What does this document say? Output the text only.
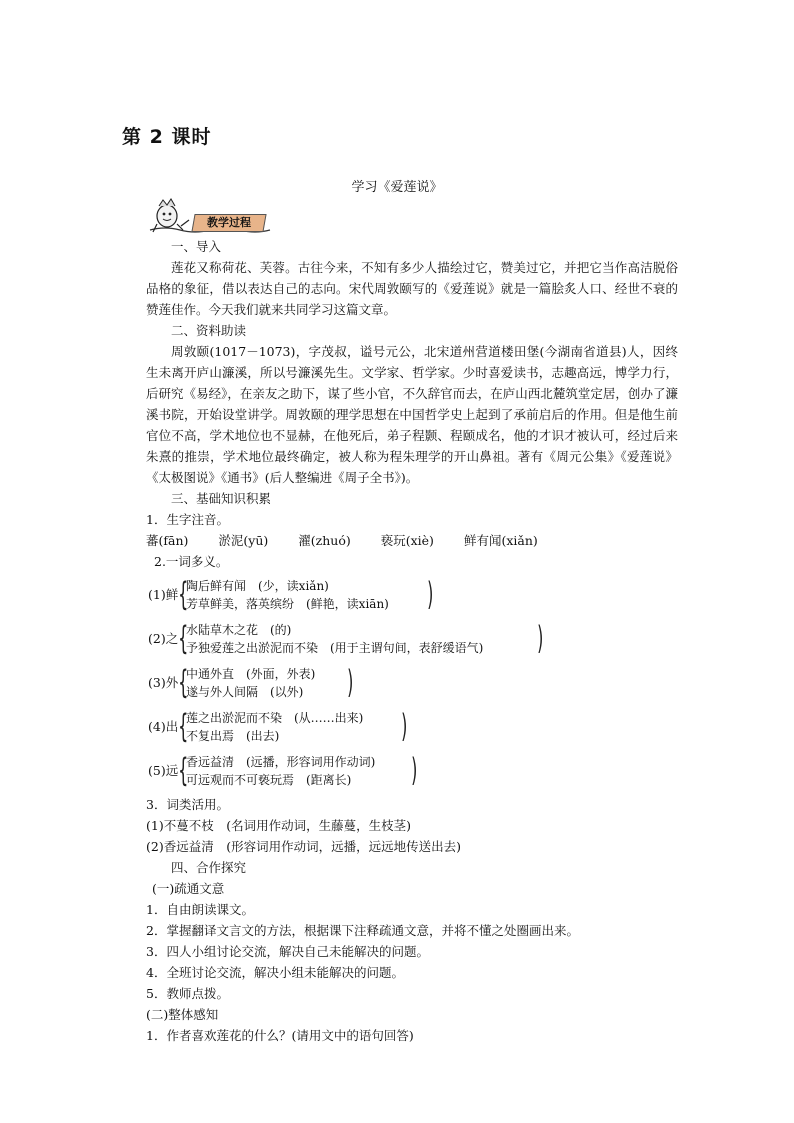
第 2 课时
学习《爱莲说》
教学过程
一、导入
莲花又称荷花、芙蓉。古往今来，不知有多少人描绘过它，赞美过它，并把它当作高洁脱俗品格的象征，借以表达自己的志向。宋代周敦颐写的《爱莲说》就是一篇脍炙人口、经世不衰的赞莲佳作。今天我们就来共同学习这篇文章。
二、资料助读
周敦颐(1017－1073)，字茂叔，谥号元公，北宋道州营道楼田堡(今湖南省道县)人，因终生未离开庐山濂溪，所以号濂溪先生。文学家、哲学家。少时喜爱读书，志趣高远，博学力行，后研究《易经》，在亲友之助下，谋了些小官，不久辞官而去，在庐山西北麓筑堂定居，创办了濂溪书院，开始设堂讲学。周敦颐的理学思想在中国哲学史上起到了承前启后的作用。但是他生前官位不高，学术地位也不显赫，在他死后，弟子程颢、程颐成名，他的才识才被认可，经过后来朱熹的推崇，学术地位最终确定，被人称为程朱理学的开山鼻祖。著有《周元公集》《爱莲说》《太极图说》《通书》(后人整编进《周子全书》)。
三、基础知识积累
1．生字注音。
蕃(fān) 淤泥(yū) 濯(zhuó) 亵玩(xiè) 鲜有闻(xiǎn)
2.一词多义。
(1)鲜 {
陶后鲜有闻　(少，读xiǎn)
芳草鲜美，落英缤纷　(鲜艳，读xiān) )
(2)之 {
水陆草木之花　(的)
予独爱莲之出淤泥而不染　(用于主谓句间，表舒缓语气) )
(3)外 {
中通外直　(外面，外表)
遂与外人间隔　(以外) )
(4)出 {
莲之出淤泥而不染　(从……出来)
不复出焉　(出去)	)
(5)远 {
香远益清　(远播，形容词用作动词)
可远观而不可亵玩焉　(距离长) )
3．词类活用。
(1)不蔓不枝　(名词用作动词，生藤蔓，生枝茎)
(2)香远益清　(形容词用作动词，远播，远远地传送出去)
四、合作探究
(一)疏通文意
1．自由朗读课文。
2．掌握翻译文言文的方法，根据课下注释疏通文意，并将不懂之处圈画出来。
3．四人小组讨论交流，解决自己未能解决的问题。
4．全班讨论交流，解决小组未能解决的问题。
5．教师点拨。
(二)整体感知
1．作者喜欢莲花的什么？(请用文中的语句回答)
